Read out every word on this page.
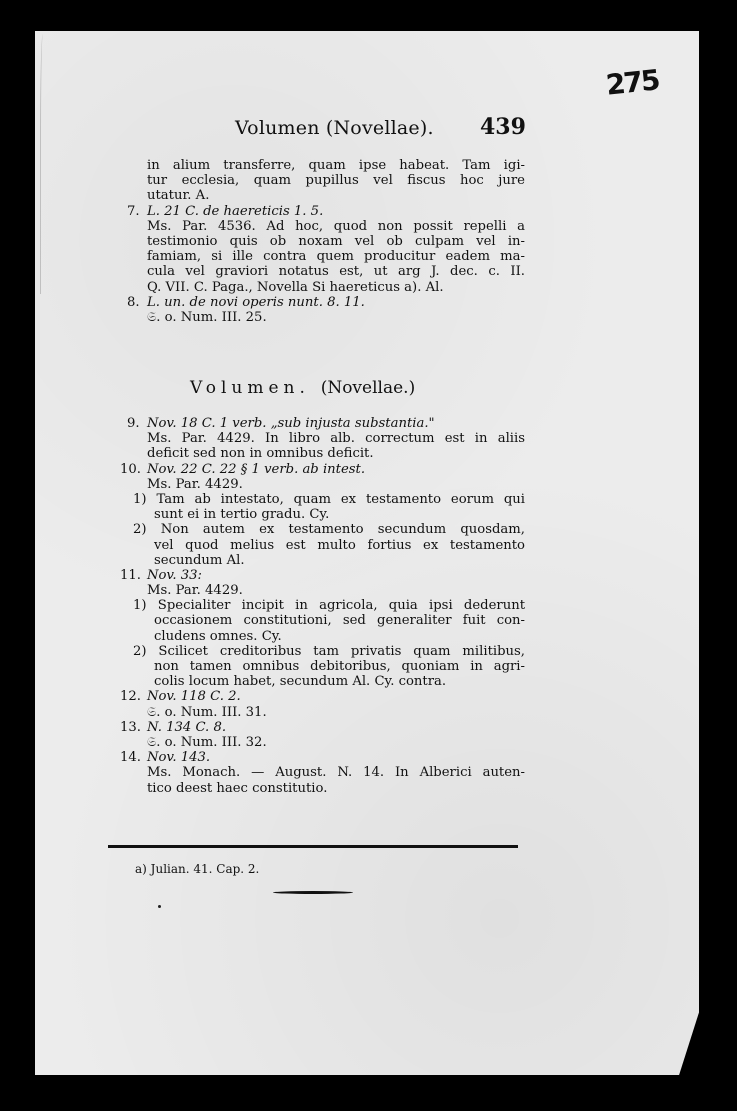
275
Volumen (Novellae). 439
in alium transferre, quam ipse habeat. Tam igi-
tur ecclesia, quam pupillus vel fiscus hoc jure
utatur. A.
7. L. 21 C. de haereticis 1. 5.
Ms. Par. 4536. Ad hoc, quod non possit repelli a
testimonio quis ob noxam vel ob culpam vel in-
famiam, si ille contra quem producitur eadem ma-
cula vel graviori notatus est, ut arg J. dec. c. II.
Q. VII. C. Paga., Novella Si haereticus a). Al.
8. L. un. de novi operis nunt. 8. 11.
𝔖. o. Num. III. 25.
Volumen. (Novellae.)
9. Nov. 18 C. 1 verb. „sub injusta substantia."
Ms. Par. 4429. In libro alb. correctum est in aliis
deficit sed non in omnibus deficit.
10. Nov. 22 C. 22 § 1 verb. ab intest.
Ms. Par. 4429.
1) Tam ab intestato, quam ex testamento eorum qui
sunt ei in tertio gradu. Cy.
2) Non autem ex testamento secundum quosdam,
vel quod melius est multo fortius ex testamento
secundum Al.
11. Nov. 33:
Ms. Par. 4429.
1) Specialiter incipit in agricola, quia ipsi dederunt
occasionem constitutioni, sed generaliter fuit con-
cludens omnes. Cy.
2) Scilicet creditoribus tam privatis quam militibus,
non tamen omnibus debitoribus, quoniam in agri-
colis locum habet, secundum Al. Cy. contra.
12. Nov. 118 C. 2.
𝔖. o. Num. III. 31.
13. N. 134 C. 8.
𝔖. o. Num. III. 32.
14. Nov. 143.
Ms. Monach. — August. N. 14. In Alberici auten-
tico deest haec constitutio.
a) Julian. 41. Cap. 2.
